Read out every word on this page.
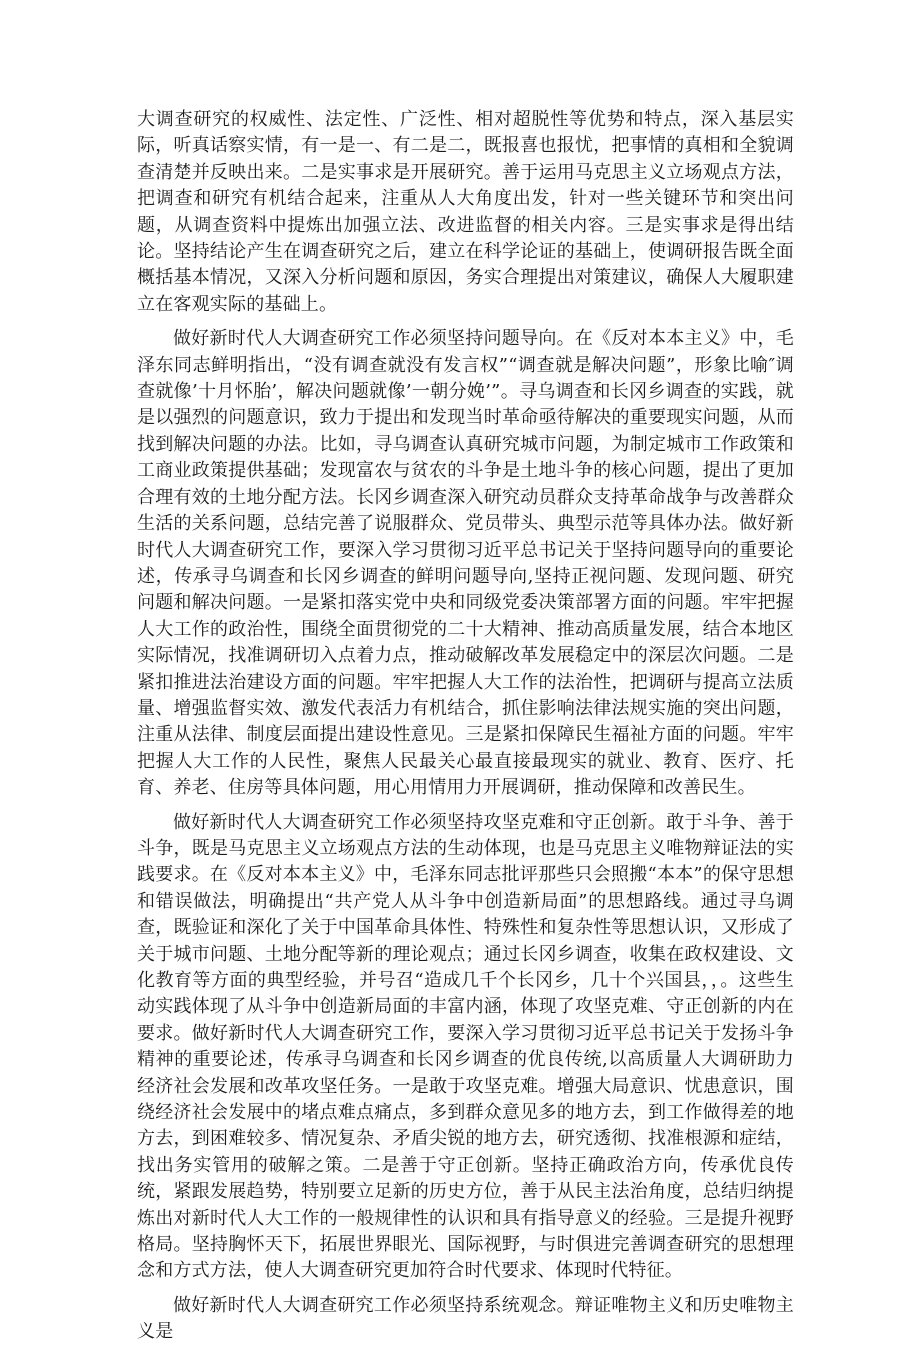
大调查研究的权威性、法定性、广泛性、相对超脱性等优势和特点，深入基层实际，听真话察实情，有一是一、有二是二，既报喜也报忧，把事情的真相和全貌调查清楚并反映出来。二是实事求是开展研究。善于运用马克思主义立场观点方法，把调查和研究有机结合起来，注重从人大角度出发，针对一些关键环节和突出问题，从调查资料中提炼出加强立法、改进监督的相关内容。三是实事求是得出结论。坚持结论产生在调查研究之后，建立在科学论证的基础上，使调研报告既全面概括基本情况，又深入分析问题和原因，务实合理提出对策建议，确保人大履职建立在客观实际的基础上。

做好新时代人大调查研究工作必须坚持问题导向。在《反对本本主义》中，毛泽东同志鲜明指出，“没有调查就没有发言权”“调查就是解决问题”，形象比喻″调查就像’十月怀胎’，解决问题就像’一朝分娩’”。寻乌调查和长冈乡调查的实践，就是以强烈的问题意识，致力于提出和发现当时革命亟待解决的重要现实问题，从而找到解决问题的办法。比如，寻乌调查认真研究城市问题，为制定城市工作政策和工商业政策提供基础；发现富农与贫农的斗争是土地斗争的核心问题，提出了更加合理有效的土地分配方法。长冈乡调查深入研究动员群众支持革命战争与改善群众生活的关系问题，总结完善了说服群众、党员带头、典型示范等具体办法。做好新时代人大调查研究工作，要深入学习贯彻习近平总书记关于坚持问题导向的重要论述，传承寻乌调查和长冈乡调查的鲜明问题导向,坚持正视问题、发现问题、研究问题和解决问题。一是紧扣落实党中央和同级党委决策部署方面的问题。牢牢把握人大工作的政治性，围绕全面贯彻党的二十大精神、推动高质量发展，结合本地区实际情况，找准调研切入点着力点，推动破解改革发展稳定中的深层次问题。二是紧扣推进法治建设方面的问题。牢牢把握人大工作的法治性，把调研与提高立法质量、增强监督实效、激发代表活力有机结合，抓住影响法律法规实施的突出问题，注重从法律、制度层面提出建设性意见。三是紧扣保障民生福祉方面的问题。牢牢把握人大工作的人民性，聚焦人民最关心最直接最现实的就业、教育、医疗、托育、养老、住房等具体问题，用心用情用力开展调研，推动保障和改善民生。

做好新时代人大调查研究工作必须坚持攻坚克难和守正创新。敢于斗争、善于斗争，既是马克思主义立场观点方法的生动体现，也是马克思主义唯物辩证法的实践要求。在《反对本本主义》中，毛泽东同志批评那些只会照搬“本本”的保守思想和错误做法，明确提出“共产党人从斗争中创造新局面”的思想路线。通过寻乌调查，既验证和深化了关于中国革命具体性、特殊性和复杂性等思想认识，又形成了关于城市问题、土地分配等新的理论观点；通过长冈乡调查，收集在政权建设、文化教育等方面的典型经验，并号召“造成几千个长冈乡，几十个兴国县，，。这些生动实践体现了从斗争中创造新局面的丰富内涵，体现了攻坚克难、守正创新的内在要求。做好新时代人大调查研究工作，要深入学习贯彻习近平总书记关于发扬斗争精神的重要论述，传承寻乌调查和长冈乡调查的优良传统,以高质量人大调研助力经济社会发展和改革攻坚任务。一是敢于攻坚克难。增强大局意识、忧患意识，围绕经济社会发展中的堵点难点痛点，多到群众意见多的地方去，到工作做得差的地方去，到困难较多、情况复杂、矛盾尖锐的地方去，研究透彻、找准根源和症结，找出务实管用的破解之策。二是善于守正创新。坚持正确政治方向，传承优良传统，紧跟发展趋势，特别要立足新的历史方位，善于从民主法治角度，总结归纳提炼出对新时代人大工作的一般规律性的认识和具有指导意义的经验。三是提升视野格局。坚持胸怀天下，拓展世界眼光、国际视野，与时俱进完善调查研究的思想理念和方式方法，使人大调查研究更加符合时代要求、体现时代特征。

做好新时代人大调查研究工作必须坚持系统观念。辩证唯物主义和历史唯物主义是
